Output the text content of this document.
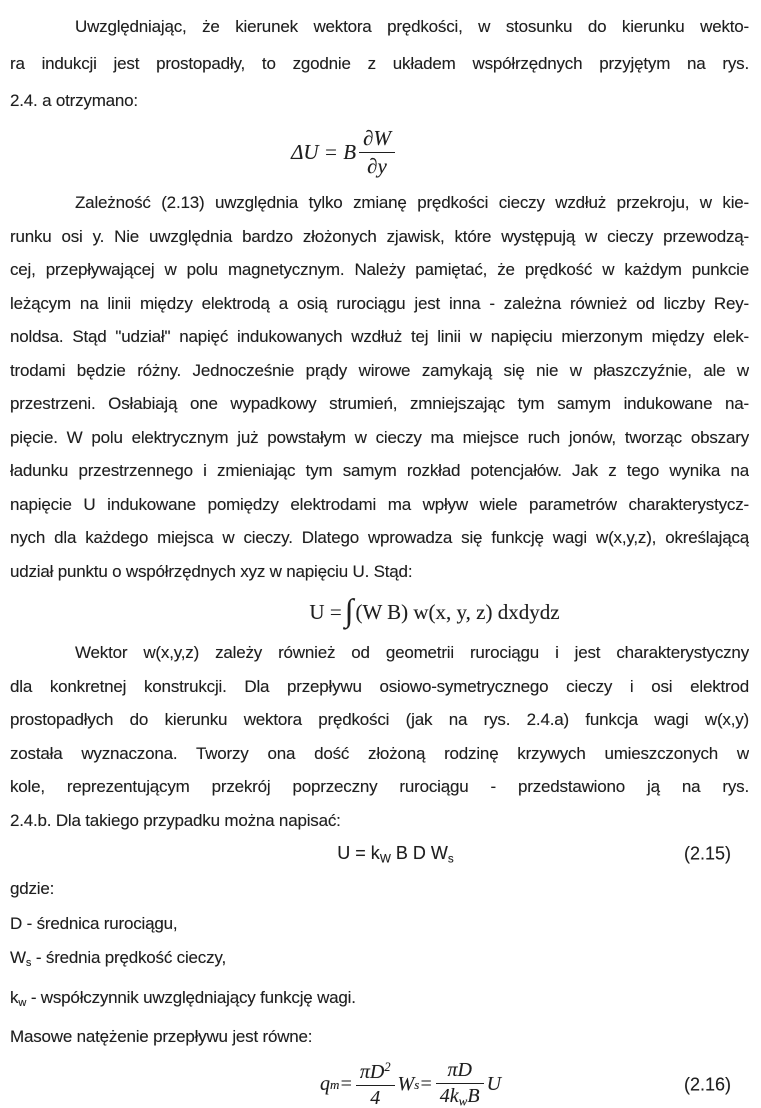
Uwzględniając, że kierunek wektora prędkości, w stosunku do kierunku wekto-
ra indukcji jest prostopadły, to zgodnie z układem współrzędnych przyjętym na rys.
2.4. a otrzymano:
ΔU = B $\frac{\partial W}{\partial y}$
Zależność (2.13) uwzględnia tylko zmianę prędkości cieczy wzdłuż przekroju, w kie-
runku osi y. Nie uwzględnia bardzo złożonych zjawisk, które występują w cieczy przewodzą-
cej, przepływającej w polu magnetycznym. Należy pamiętać, że prędkość w każdym punkcie
leżącym na linii między elektrodą a osią rurociągu jest inna - zależna również od liczby Rey-
noldsa. Stąd "udział" napięć indukowanych wzdłuż tej linii w napięciu mierzonym między elek-
trodami będzie różny. Jednocześnie prądy wirowe zamykają się nie w płaszczyźnie, ale w
przestrzeni. Osłabiają one wypadkowy strumień, zmniejszając tym samym indukowane na-
pięcie. W polu elektrycznym już powstałym w cieczy ma miejsce ruch jonów, tworząc obszary
ładunku przestrzennego i zmieniając tym samym rozkład potencjałów. Jak z tego wynika na
napięcie U indukowane pomiędzy elektrodami ma wpływ wiele parametrów charakterystycz-
nych dla każdego miejsca w cieczy. Dlatego wprowadza się funkcję wagi w(x,y,z), określającą
udział punktu o współrzędnych xyz w napięciu U. Stąd:
U = ∫ (W B) w(x, y, z) dxdydz
Wektor w(x,y,z) zależy również od geometrii rurociągu i jest charakterystyczny
dla konkretnej konstrukcji. Dla przepływu osiowo-symetrycznego cieczy i osi elektrod
prostopadłych do kierunku wektora prędkości (jak na rys. 2.4.a) funkcja wagi w(x,y)
została wyznaczona. Tworzy ona dość złożoną rodzinę krzywych umieszczonych w
kole, reprezentującym przekrój poprzeczny rurociągu - przedstawiono ją na rys.
2.4.b. Dla takiego przypadku można napisać:
$U = k_W$ B D $W_s$	(2.15)
gdzie:
D - średnica rurociągu,
$W_s$ - średnia prędkość cieczy,
$k_w$ - współczynnik uwzględniający funkcję wagi.
Masowe natężenie przepływu jest równe:
q $m = \frac{\pi D^2}{4}$ W $s = \frac{\pi D}{4k_wB}$ U	(2.16)
